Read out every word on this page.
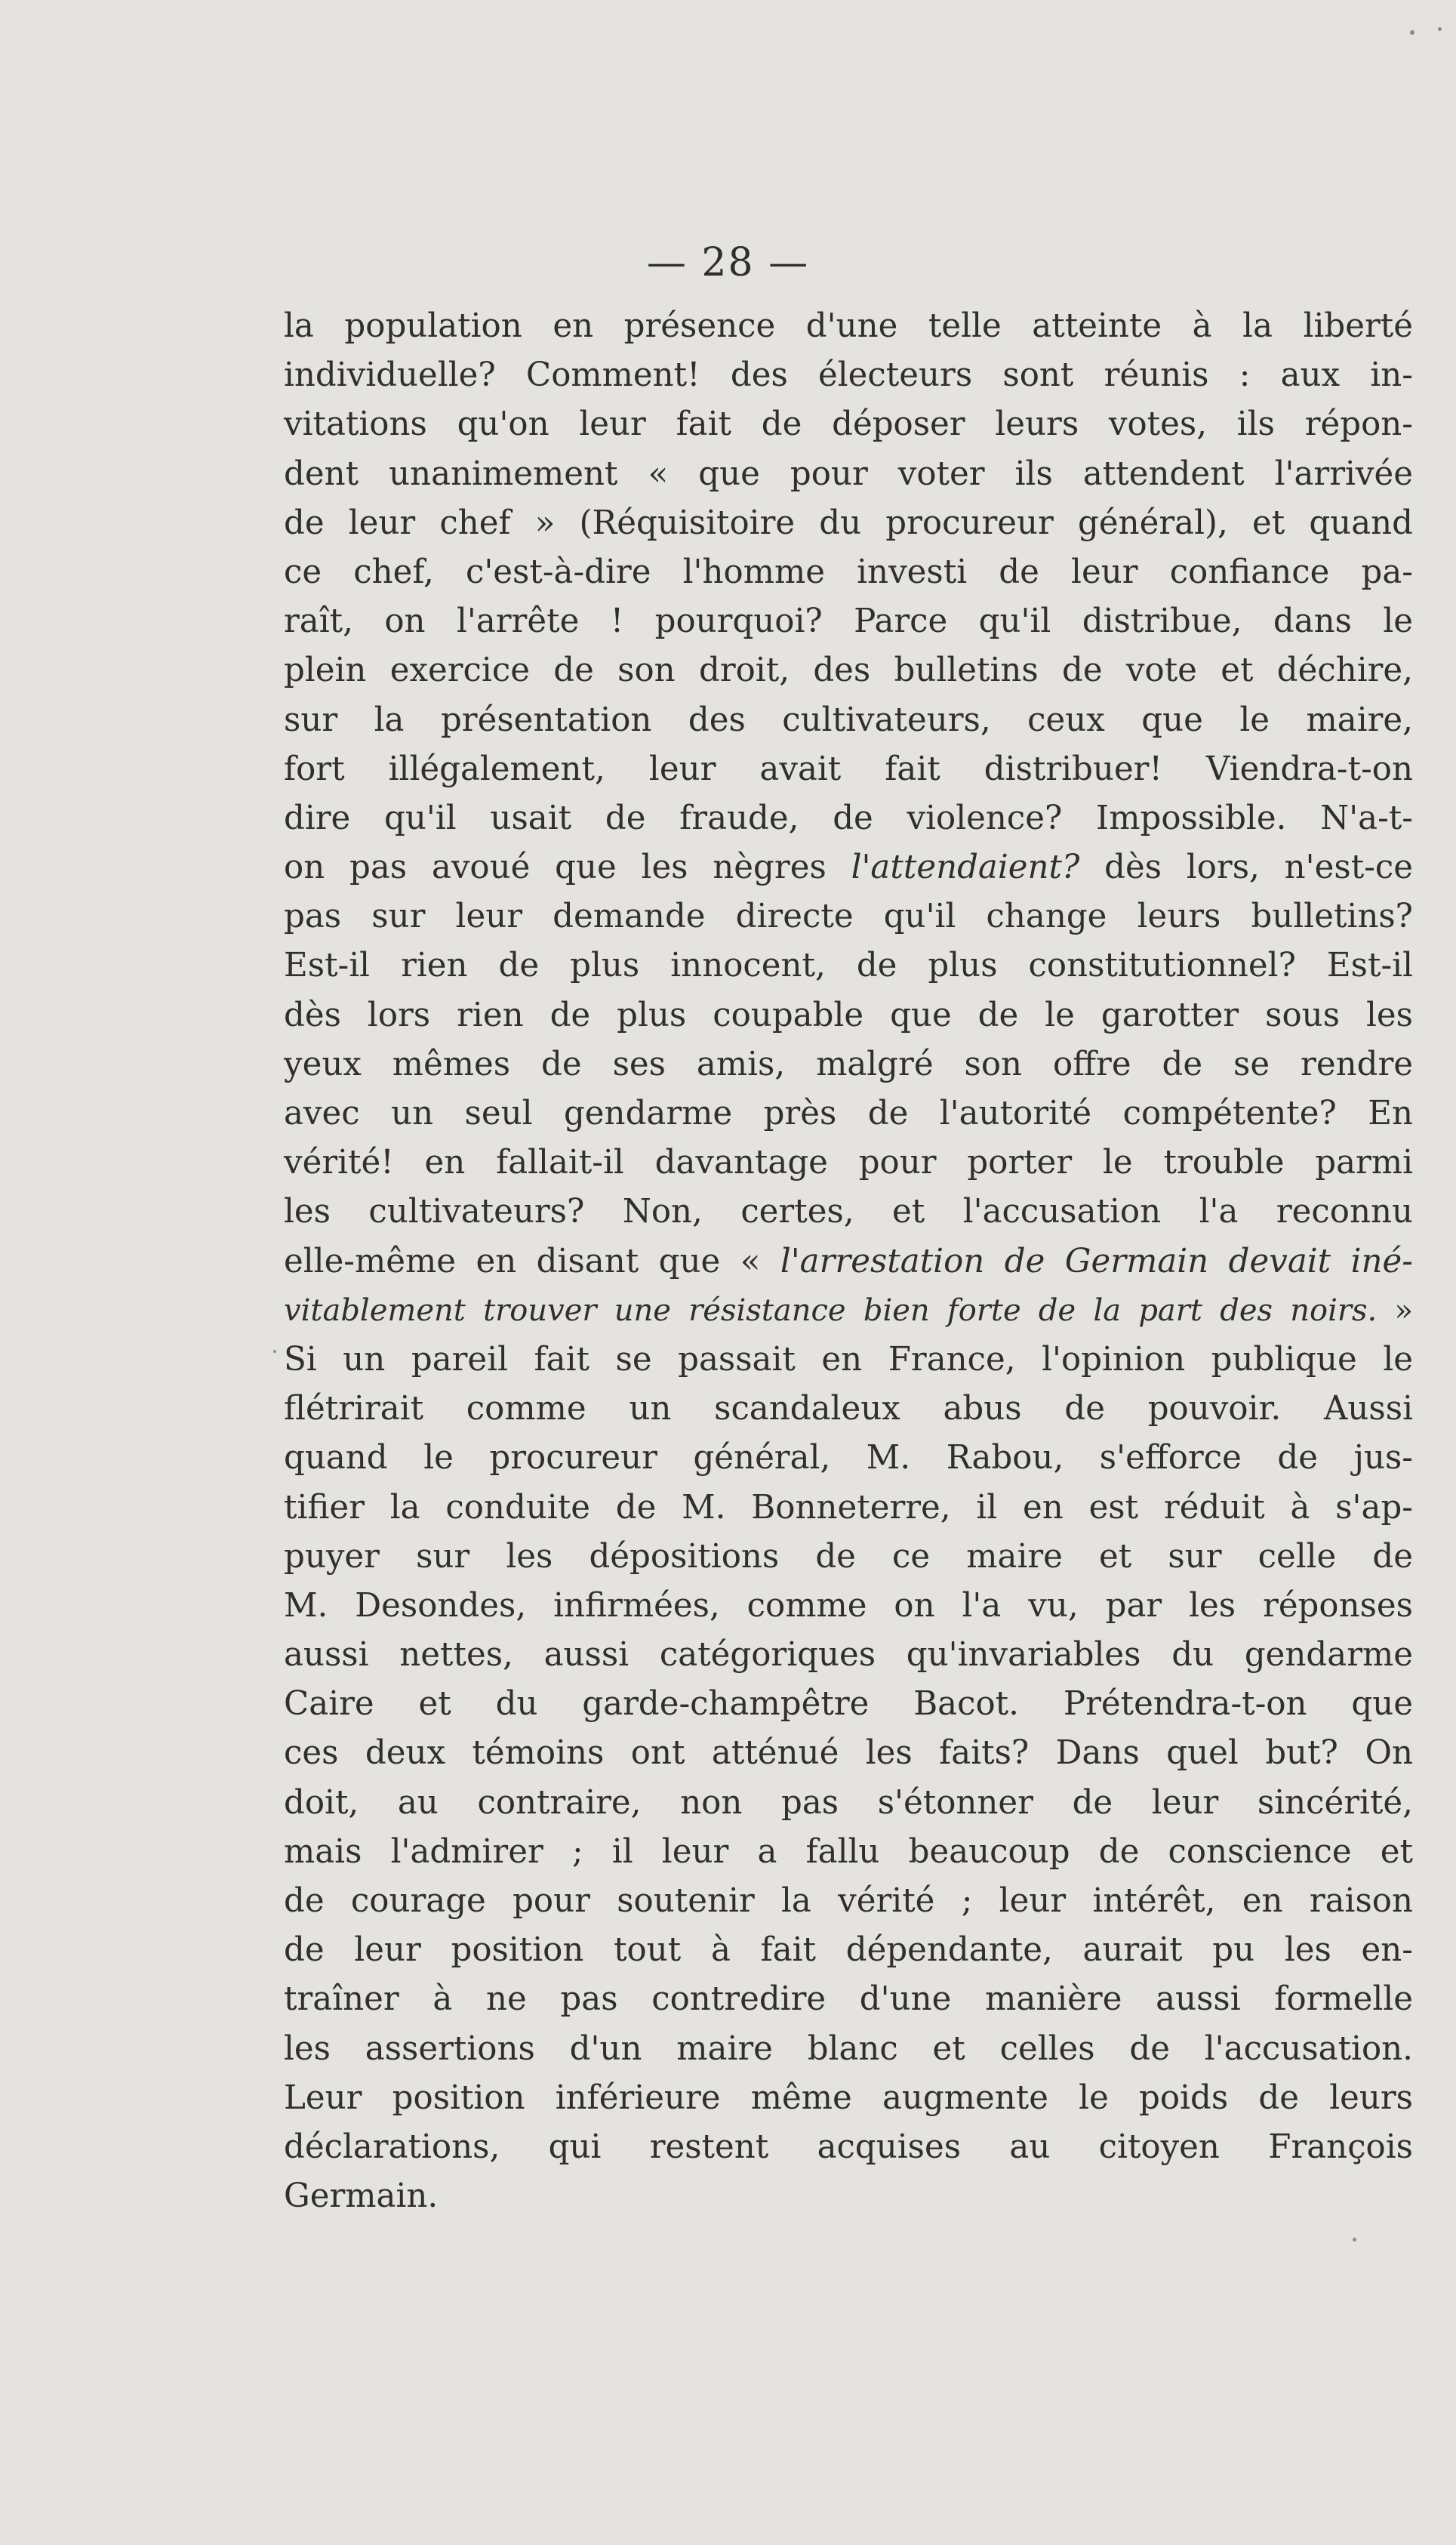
— 28 —
la population en présence d'une telle atteinte à la liberté
individuelle? Comment! des électeurs sont réunis : aux in-
vitations qu'on leur fait de déposer leurs votes, ils répon-
dent unanimement « que pour voter ils attendent l'arrivée
de leur chef » (Réquisitoire du procureur général), et quand
ce chef, c'est-à-dire l'homme investi de leur confiance pa-
raît, on l'arrête ! pourquoi? Parce qu'il distribue, dans le
plein exercice de son droit, des bulletins de vote et déchire,
sur la présentation des cultivateurs, ceux que le maire,
fort illégalement, leur avait fait distribuer! Viendra-t-on
dire qu'il usait de fraude, de violence? Impossible. N'a-t-
on pas avoué que les nègres l'attendaient? dès lors, n'est-ce
pas sur leur demande directe qu'il change leurs bulletins?
Est-il rien de plus innocent, de plus constitutionnel? Est-il
dès lors rien de plus coupable que de le garotter sous les
yeux mêmes de ses amis, malgré son offre de se rendre
avec un seul gendarme près de l'autorité compétente? En
vérité! en fallait-il davantage pour porter le trouble parmi
les cultivateurs? Non, certes, et l'accusation l'a reconnu
elle-même en disant que « l'arrestation de Germain devait iné-
vitablement trouver une résistance bien forte de la part des noirs. »
Si un pareil fait se passait en France, l'opinion publique le
flétrirait comme un scandaleux abus de pouvoir. Aussi
quand le procureur général, M. Rabou, s'efforce de jus-
tifier la conduite de M. Bonneterre, il en est réduit à s'ap-
puyer sur les dépositions de ce maire et sur celle de
M. Desondes, infirmées, comme on l'a vu, par les réponses
aussi nettes, aussi catégoriques qu'invariables du gendarme
Caire et du garde-champêtre Bacot. Prétendra-t-on que
ces deux témoins ont atténué les faits? Dans quel but? On
doit, au contraire, non pas s'étonner de leur sincérité,
mais l'admirer ; il leur a fallu beaucoup de conscience et
de courage pour soutenir la vérité ; leur intérêt, en raison
de leur position tout à fait dépendante, aurait pu les en-
traîner à ne pas contredire d'une manière aussi formelle
les assertions d'un maire blanc et celles de l'accusation.
Leur position inférieure même augmente le poids de leurs
déclarations, qui restent acquises au citoyen François
Germain.
